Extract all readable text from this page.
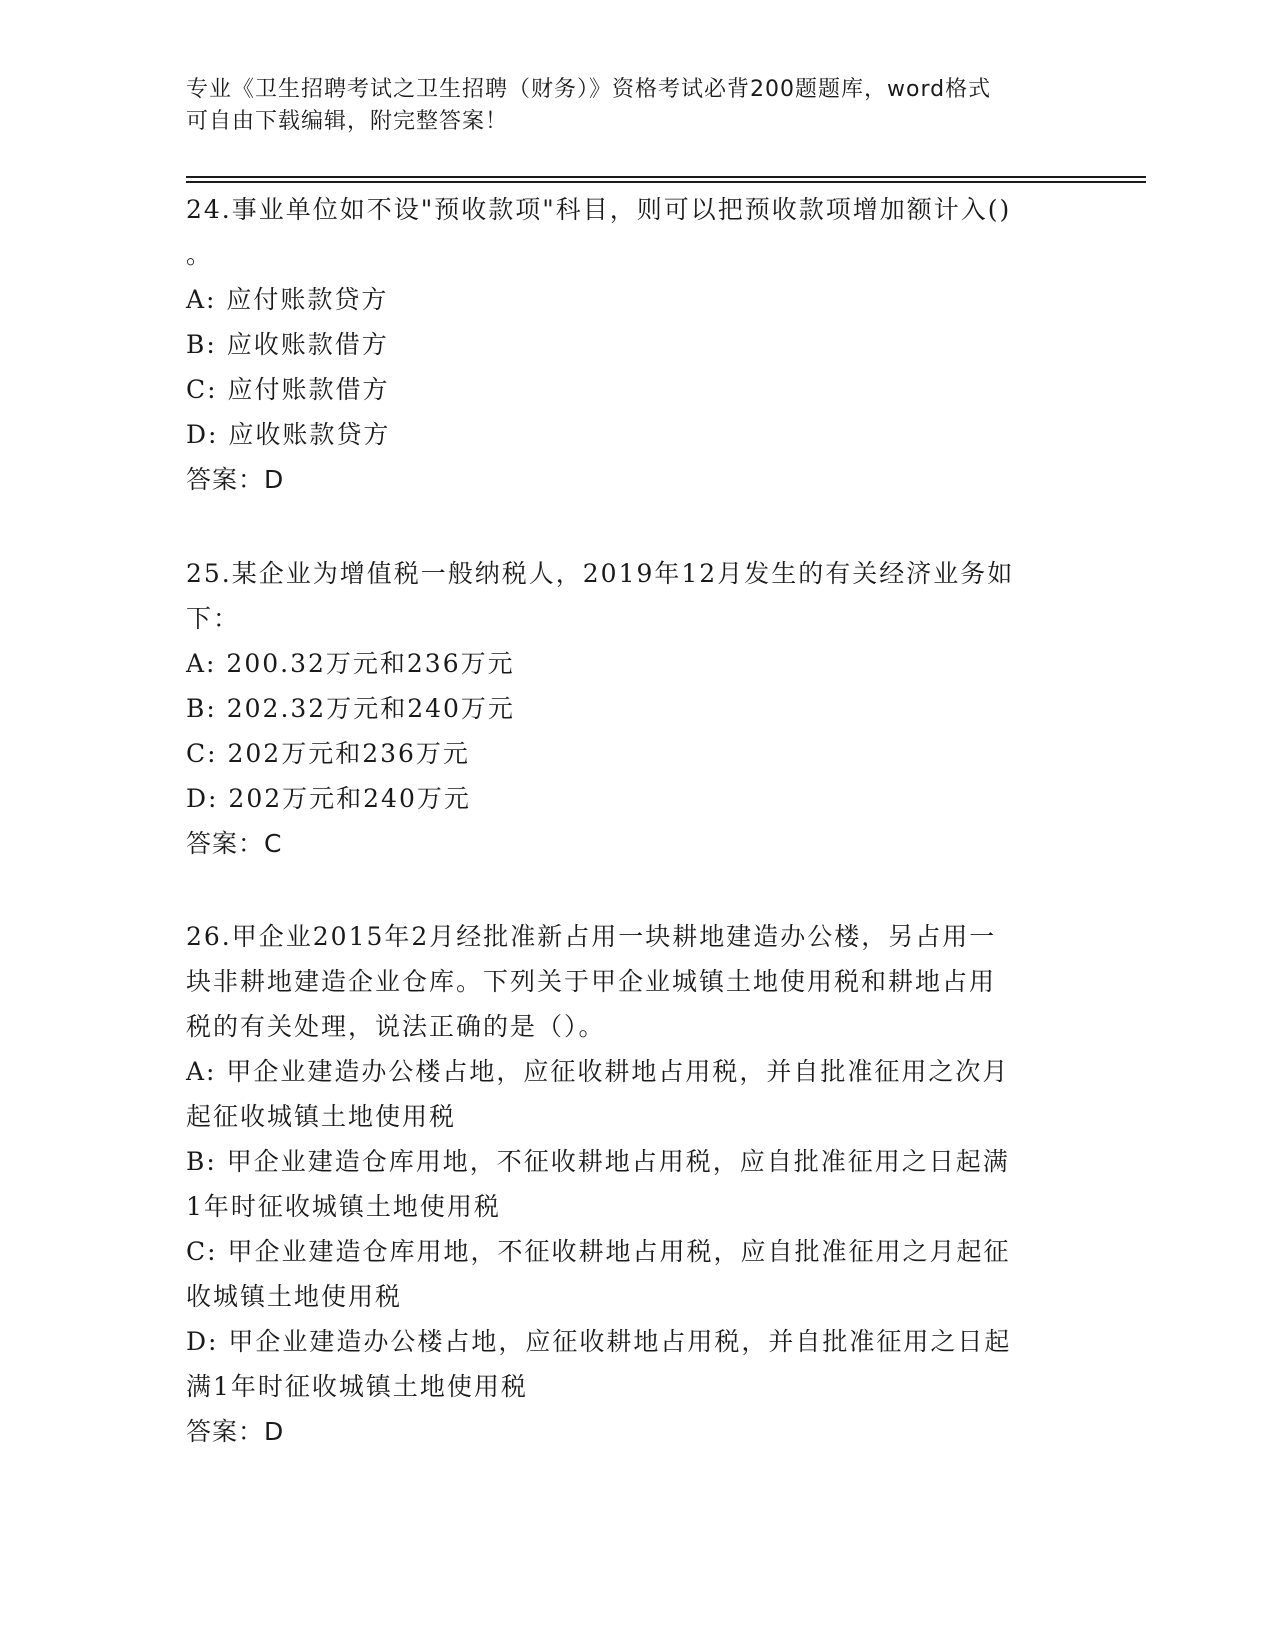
专业《卫生招聘考试之卫生招聘（财务）》资格考试必背200题题库，word格式
可自由下载编辑，附完整答案！
24.事业单位如不设"预收款项"科目，则可以把预收款项增加额计入()
。
A: 应付账款贷方
B: 应收账款借方
C: 应付账款借方
D: 应收账款贷方
答案：D
25.某企业为增值税一般纳税人，2019年12月发生的有关经济业务如
下：
A: 200.32万元和236万元
B: 202.32万元和240万元
C: 202万元和236万元
D: 202万元和240万元
答案：C
26.甲企业2015年2月经批准新占用一块耕地建造办公楼，另占用一
块非耕地建造企业仓库。下列关于甲企业城镇土地使用税和耕地占用
税的有关处理，说法正确的是（）。
A: 甲企业建造办公楼占地，应征收耕地占用税，并自批准征用之次月
起征收城镇土地使用税
B: 甲企业建造仓库用地，不征收耕地占用税，应自批准征用之日起满
1年时征收城镇土地使用税
C: 甲企业建造仓库用地，不征收耕地占用税，应自批准征用之月起征
收城镇土地使用税
D: 甲企业建造办公楼占地，应征收耕地占用税，并自批准征用之日起
满1年时征收城镇土地使用税
答案：D
